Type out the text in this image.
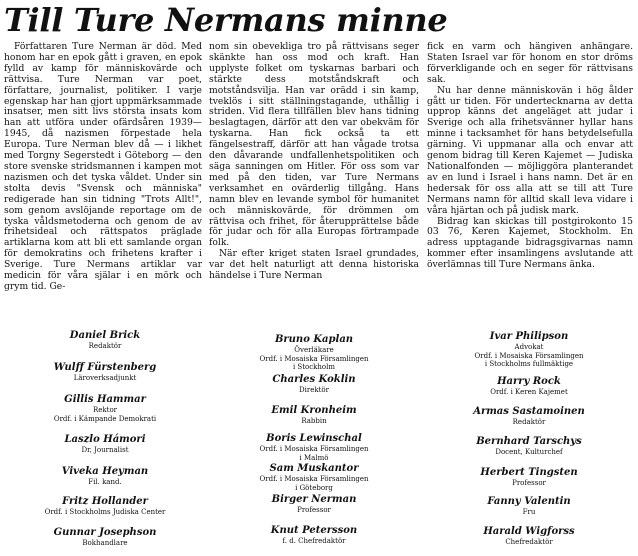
Till Ture Nermans minne

Författaren Ture Nerman är död. Med honom har en epok gått i graven, en epok fylld av kamp för människovärde och rättvisa. Ture Nerman var poet, författare, journalist, politiker. I varje egenskap har han gjort uppmärksammade insatser, men sitt livs största insats kom han att utföra under ofärdsåren 1939—1945, då nazismen förpestade hela Europa. Ture Nerman blev då — i likhet med Torgny Segerstedt i Göteborg — den store svenske stridsmannen i kampen mot nazismen och det tyska våldet. Under sin stolta devis "Svensk och människa" redigerade han sin tidning "Trots Allt!", som genom avslöjande reportage om de tyska våldsmetoderna och genom de av frihetsideal och rättspatos präglade artiklarna kom att bli ett samlande organ för demokratins och frihetens krafter i Sverige. Ture Nermans artiklar var medicin för våra själar i en mörk och grym tid. Ge-

nom sin obevekliga tro på rättvisans seger skänkte han oss mod och kraft. Han upplyste folket om tyskarnas barbari och stärkte dess motståndskraft och motståndsvilja. Han var orädd i sin kamp, tveklös i sitt ställningstagande, uthållig i striden. Vid flera tillfällen blev hans tidning beslagtagen, därför att den var obekväm för tyskarna. Han fick också ta ett fängelsestraff, därför att han vågade trotsa den dåvarande undfallenhetspolitiken och säga sanningen om Hitler. För oss som var med på den tiden, var Ture Nermans verksamhet en ovärderlig tillgång. Hans namn blev en levande symbol för humanitet och människovärde, för drömmen om rättvisa och frihet, för återupprättelse både för judar och för alla Europas förtrampade folk.

När efter kriget staten Israel grundades, var det helt naturligt att denna historiska händelse i Ture Nerman

fick en varm och hängiven anhängare. Staten Israel var för honom en stor dröms förverkligande och en seger för rättvisans sak.

Nu har denne människovän i hög ålder gått ur tiden. För undertecknarna av detta upprop känns det angeläget att judar i Sverige och alla frihetsvänner hyllar hans minne i tacksamhet för hans betydelsefulla gärning. Vi uppmanar alla och envar att genom bidrag till Keren Kajemet — Judiska Nationalfonden — möjliggöra planterandet av en lund i Israel i hans namn. Det är en hedersak för oss alla att se till att Ture Nermans namn för alltid skall leva vidare i våra hjärtan och på judisk mark.

Bidrag kan skickas till postgirokonto 15 03 76, Keren Kajemet, Stockholm. En adress upptagande bidragsgivarnas namn kommer efter insamlingens avslutande att överlämnas till Ture Nermans änka.

Daniel Brick
Redaktör
Wulff Fürstenberg
Läroverksadjunkt
Gillis Hammar
Rektor
Ordf. i Kämpande Demokrati
Laszlo Hámori
Dr, Journalist
Viveka Heyman
Fil. kand.
Fritz Hollander
Ordf. i Stockholms Judiska Center
Gunnar Josephson
Bokhandlare
Bruno Kaplan
Överläkare
Ordf. i Mosaiska Församlingen
i Stockholm
Charles Koklin
Direktör
Emil Kronheim
Rabbin
Boris Lewinschal
Ordf. i Mosaiska Församlingen
i Malmö
Sam Muskantor
Ordf. i Mosaiska Församlingen
i Göteborg
Birger Nerman
Professor
Knut Petersson
f. d. Chefredaktör
Ivar Philipson
Advokat
Ordf. i Mosaiska Församlingen
i Stockholms fullmäktige
Harry Rock
Ordf. i Keren Kajemet
Armas Sastamoinen
Redaktör
Bernhard Tarschys
Docent, Kulturchef
Herbert Tingsten
Professor
Fanny Valentin
Fru
Harald Wigforss
Chefredaktör
